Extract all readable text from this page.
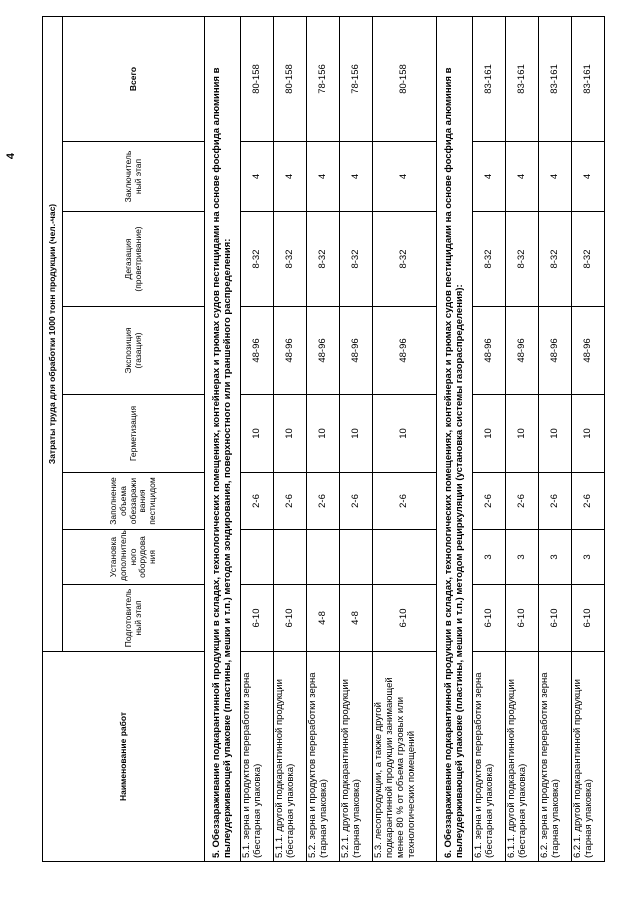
4
Наименование работ	Затраты труда для обработки 1000 тонн продукции (чел.-час)							
	Подготовитель ный этап	Установка дополнитель ного оборудова ния	Заполнение объема обеззаражи вания пестицидом	Герметизация	Экспозиция (газация)	Дегазация (проветривание)	Заключитель ный этап	Всего
5. Обеззараживание подкарантинной продукции в складах, технологических помещениях, контейнерах и трюмах судов пестицидами на основе фосфида алюминия в пылеудерживающей упаковке (пластины, мешки и т.п.) методом зондирования, поверхностного или траншейного распределения:								
5.1. зерна и продуктов переработки зерна (бестарная упаковка)	6-10		2-6	10	48-96	8-32	4	80-158
5.1.1. другой подкарантинной продукции (бестарная упаковка)	6-10		2-6	10	48-96	8-32	4	80-158
5.2. зерна и продуктов переработки зерна (тарная упаковка)	4-8		2-6	10	48-96	8-32	4	78-156
5.2.1. другой подкарантинной продукции (тарная упаковка)	4-8		2-6	10	48-96	8-32	4	78-156
5.3. лесопродукции, а также другой подкарантинной продукции занимающей менее 80 % от объема грузовых или технологических помещений	6-10		2-6	10	48-96	8-32	4	80-158
6. Обеззараживание подкарантинной продукции в складах, технологических помещениях, контейнерах и трюмах судов пестицидами на основе фосфида алюминия в пылеудерживающей упаковке (пластины, мешки и т.п.) методом рециркуляции (установка системы газораспределения):								
6.1. зерна и продуктов переработки зерна (бестарная упаковка)	6-10	3	2-6	10	48-96	8-32	4	83-161
6.1.1. другой подкарантинной продукции (бестарная упаковка)	6-10	3	2-6	10	48-96	8-32	4	83-161
6.2. зерна и продуктов переработки зерна (тарная упаковка)	6-10	3	2-6	10	48-96	8-32	4	83-161
6.2.1. другой подкарантинной продукции (тарная упаковка)	6-10	3	2-6	10	48-96	8-32	4	83-161
